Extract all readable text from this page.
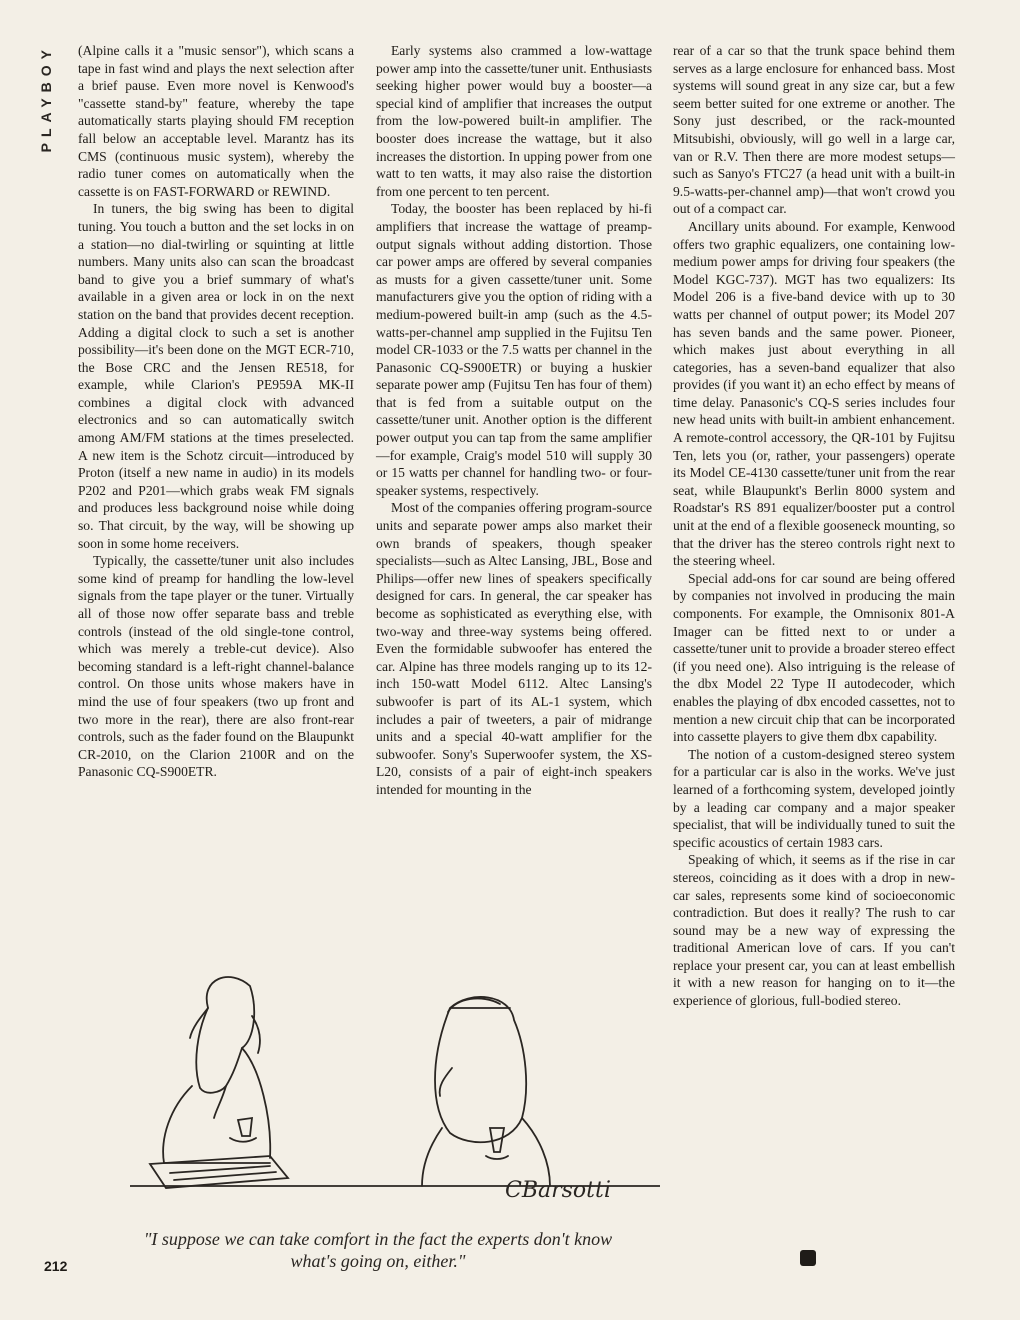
PLAYBOY	(Alpine calls it a "music sensor"), which scans a tape in fast wind and plays the next selection after a brief pause. Even more novel is Kenwood's "cassette stand-by" feature, whereby the tape automatically starts playing should FM reception fall below an acceptable level. Marantz has its CMS (continuous music system), whereby the radio tuner comes on automatically when the cassette is on FAST-FORWARD or REWIND.

In tuners, the big swing has been to digital tuning. You touch a button and the set locks in on a station—no dial-twirling or squinting at little numbers. Many units also can scan the broadcast band to give you a brief summary of what's available in a given area or lock in on the next station on the band that provides decent reception. Adding a digital clock to such a set is another possibility—it's been done on the MGT ECR-710, the Bose CRC and the Jensen RE518, for example, while Clarion's PE959A MK-II combines a digital clock with advanced electronics and so can automatically switch among AM/FM stations at the times preselected. A new item is the Schotz circuit—introduced by Proton (itself a new name in audio) in its models P202 and P201—which grabs weak FM signals and produces less background noise while doing so. That circuit, by the way, will be showing up soon in some home receivers.

Typically, the cassette/tuner unit also includes some kind of preamp for handling the low-level signals from the tape player or the tuner. Virtually all of those now offer separate bass and treble controls (instead of the old single-tone control, which was merely a treble-cut device). Also becoming standard is a left-right channel-balance control. On those units whose makers have in mind the use of four speakers (two up front and two more in the rear), there are also front-rear controls, such as the fader found on the Blaupunkt CR-2010, on the Clarion 2100R and on the Panasonic CQ-S900ETR.

Early systems also crammed a low-wattage power amp into the cassette/tuner unit. Enthusiasts seeking higher power would buy a booster—a special kind of amplifier that increases the output from the low-powered built-in amplifier. The booster does increase the wattage, but it also increases the distortion. In upping power from one watt to ten watts, it may also raise the distortion from one percent to ten percent.

Today, the booster has been replaced by hi-fi amplifiers that increase the wattage of preamp-output signals without adding distortion. Those car power amps are offered by several companies as musts for a given cassette/tuner unit. Some manufacturers give you the option of riding with a medium-powered built-in amp (such as the 4.5-watts-per-channel amp supplied in the Fujitsu Ten model CR-1033 or the 7.5 watts per channel in the Panasonic CQ-S900ETR) or buying a huskier separate power amp (Fujitsu Ten has four of them) that is fed from a suitable output on the cassette/tuner unit. Another option is the different power output you can tap from the same amplifier—for example, Craig's model 510 will supply 30 or 15 watts per channel for handling two- or four-speaker systems, respectively.

Most of the companies offering program-source units and separate power amps also market their own brands of speakers, though speaker specialists—such as Altec Lansing, JBL, Bose and Philips—offer new lines of speakers specifically designed for cars. In general, the car speaker has become as sophisticated as everything else, with two-way and three-way systems being offered. Even the formidable subwoofer has entered the car. Alpine has three models ranging up to its 12-inch 150-watt Model 6112. Altec Lansing's subwoofer is part of its AL-1 system, which includes a pair of tweeters, a pair of midrange units and a special 40-watt amplifier for the subwoofer. Sony's Superwoofer system, the XS-L20, consists of a pair of eight-inch speakers intended for mounting in the

rear of a car so that the trunk space behind them serves as a large enclosure for enhanced bass. Most systems will sound great in any size car, but a few seem better suited for one extreme or another. The Sony just described, or the rack-mounted Mitsubishi, obviously, will go well in a large car, van or R.V. Then there are more modest setups—such as Sanyo's FTC27 (a head unit with a built-in 9.5-watts-per-channel amp)—that won't crowd you out of a compact car.

Ancillary units abound. For example, Kenwood offers two graphic equalizers, one containing low-medium power amps for driving four speakers (the Model KGC-737). MGT has two equalizers: Its Model 206 is a five-band device with up to 30 watts per channel of output power; its Model 207 has seven bands and the same power. Pioneer, which makes just about everything in all categories, has a seven-band equalizer that also provides (if you want it) an echo effect by means of time delay. Panasonic's CQ-S series includes four new head units with built-in ambient enhancement. A remote-control accessory, the QR-101 by Fujitsu Ten, lets you (or, rather, your passengers) operate its Model CE-4130 cassette/tuner unit from the rear seat, while Blaupunkt's Berlin 8000 system and Roadstar's RS 891 equalizer/booster put a control unit at the end of a flexible gooseneck mounting, so that the driver has the stereo controls right next to the steering wheel.

Special add-ons for car sound are being offered by companies not involved in producing the main components. For example, the Omnisonix 801-A Imager can be fitted next to or under a cassette/tuner unit to provide a broader stereo effect (if you need one). Also intriguing is the release of the dbx Model 22 Type II autodecoder, which enables the playing of dbx encoded cassettes, not to mention a new circuit chip that can be incorporated into cassette players to give them dbx capability.

The notion of a custom-designed stereo system for a particular car is also in the works. We've just learned of a forthcoming system, developed jointly by a leading car company and a major speaker specialist, that will be individually tuned to suit the specific acoustics of certain 1983 cars.

Speaking of which, it seems as if the rise in car stereos, coinciding as it does with a drop in new-car sales, represents some kind of socioeconomic contradiction. But does it really? The rush to car sound may be a new way of expressing the traditional American love of cars. If you can't replace your present car, you can at least embellish it with a new reason for hanging on to it—the experience of glorious, full-bodied stereo.

CBarsotti
"I suppose we can take comfort in the fact the experts don't know what's going on, either."
212
